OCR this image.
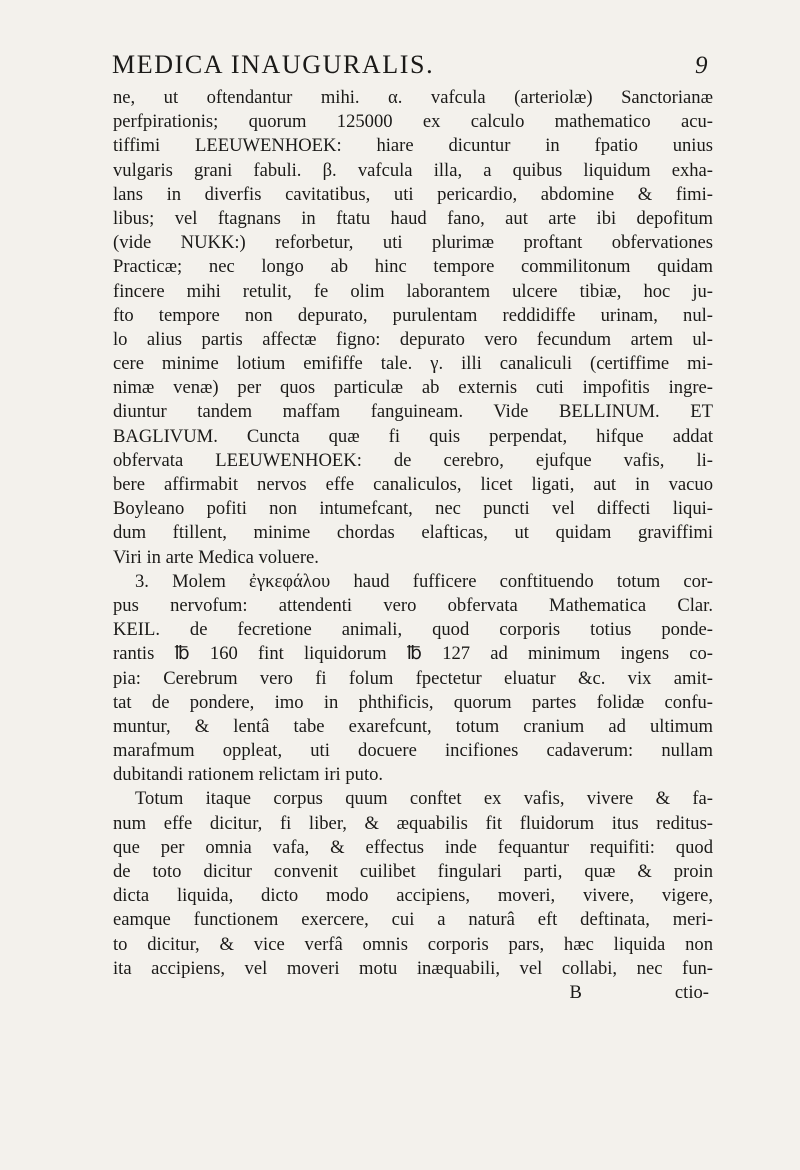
MEDICA INAUGURALIS.	9
ne, ut oftendantur mihi. α. vafcula (arteriolæ) Sanctorianæ
perfpirationis; quorum 125000 ex calculo mathematico acu-
tiffimi LEEUWENHOEK: hiare dicuntur in fpatio unius
vulgaris grani fabuli. β. vafcula illa, a quibus liquidum exha-
lans in diverfis cavitatibus, uti pericardio, abdomine & fimi-
libus; vel ftagnans in ftatu haud fano, aut arte ibi depofitum
(vide NUKK:) reforbetur, uti plurimæ proftant obfervationes
Practicæ; nec longo ab hinc tempore commilitonum quidam
fincere mihi retulit, fe olim laborantem ulcere tibiæ, hoc ju-
fto tempore non depurato, purulentam reddidiffe urinam, nul-
lo alius partis affectæ figno: depurato vero fecundum artem ul-
cere minime lotium emififfe tale. γ. illi canaliculi (certiffime mi-
nimæ venæ) per quos particulæ ab externis cuti impofitis ingre-
diuntur tandem maffam fanguineam. Vide BELLINUM. ET
BAGLIVUM. Cuncta quæ fi quis perpendat, hifque addat
obfervata LEEUWENHOEK: de cerebro, ejufque vafis, li-
bere affirmabit nervos effe canaliculos, licet ligati, aut in vacuo
Boyleano pofiti non intumefcant, nec puncti vel diffecti liqui-
dum ftillent, minime chordas elafticas, ut quidam graviffimi
Viri in arte Medica voluere.
3. Molem ἐγκεφάλου haud fufficere conftituendo totum cor-
pus nervofum: attendenti vero obfervata Mathematica Clar.
KEIL. de fecretione animali, quod corporis totius ponde-
rantis ℔ 160 fint liquidorum ℔ 127 ad minimum ingens co-
pia: Cerebrum vero fi folum fpectetur eluatur &c. vix amit-
tat de pondere, imo in phthificis, quorum partes folidæ confu-
muntur, & lentâ tabe exarefcunt, totum cranium ad ultimum
marafmum oppleat, uti docuere incifiones cadaverum: nullam
dubitandi rationem relictam iri puto.
Totum itaque corpus quum conftet ex vafis, vivere & fa-
num effe dicitur, fi liber, & æquabilis fit fluidorum itus reditus-
que per omnia vafa, & effectus inde fequantur requifiti: quod
de toto dicitur convenit cuilibet fingulari parti, quæ & proin
dicta liquida, dicto modo accipiens, moveri, vivere, vigere,
eamque functionem exercere, cui a naturâ eft deftinata, meri-
to dicitur, & vice verfâ omnis corporis pars, hæc liquida non
ita accipiens, vel moveri motu inæquabili, vel collabi, nec fun-
B                    ctio-
